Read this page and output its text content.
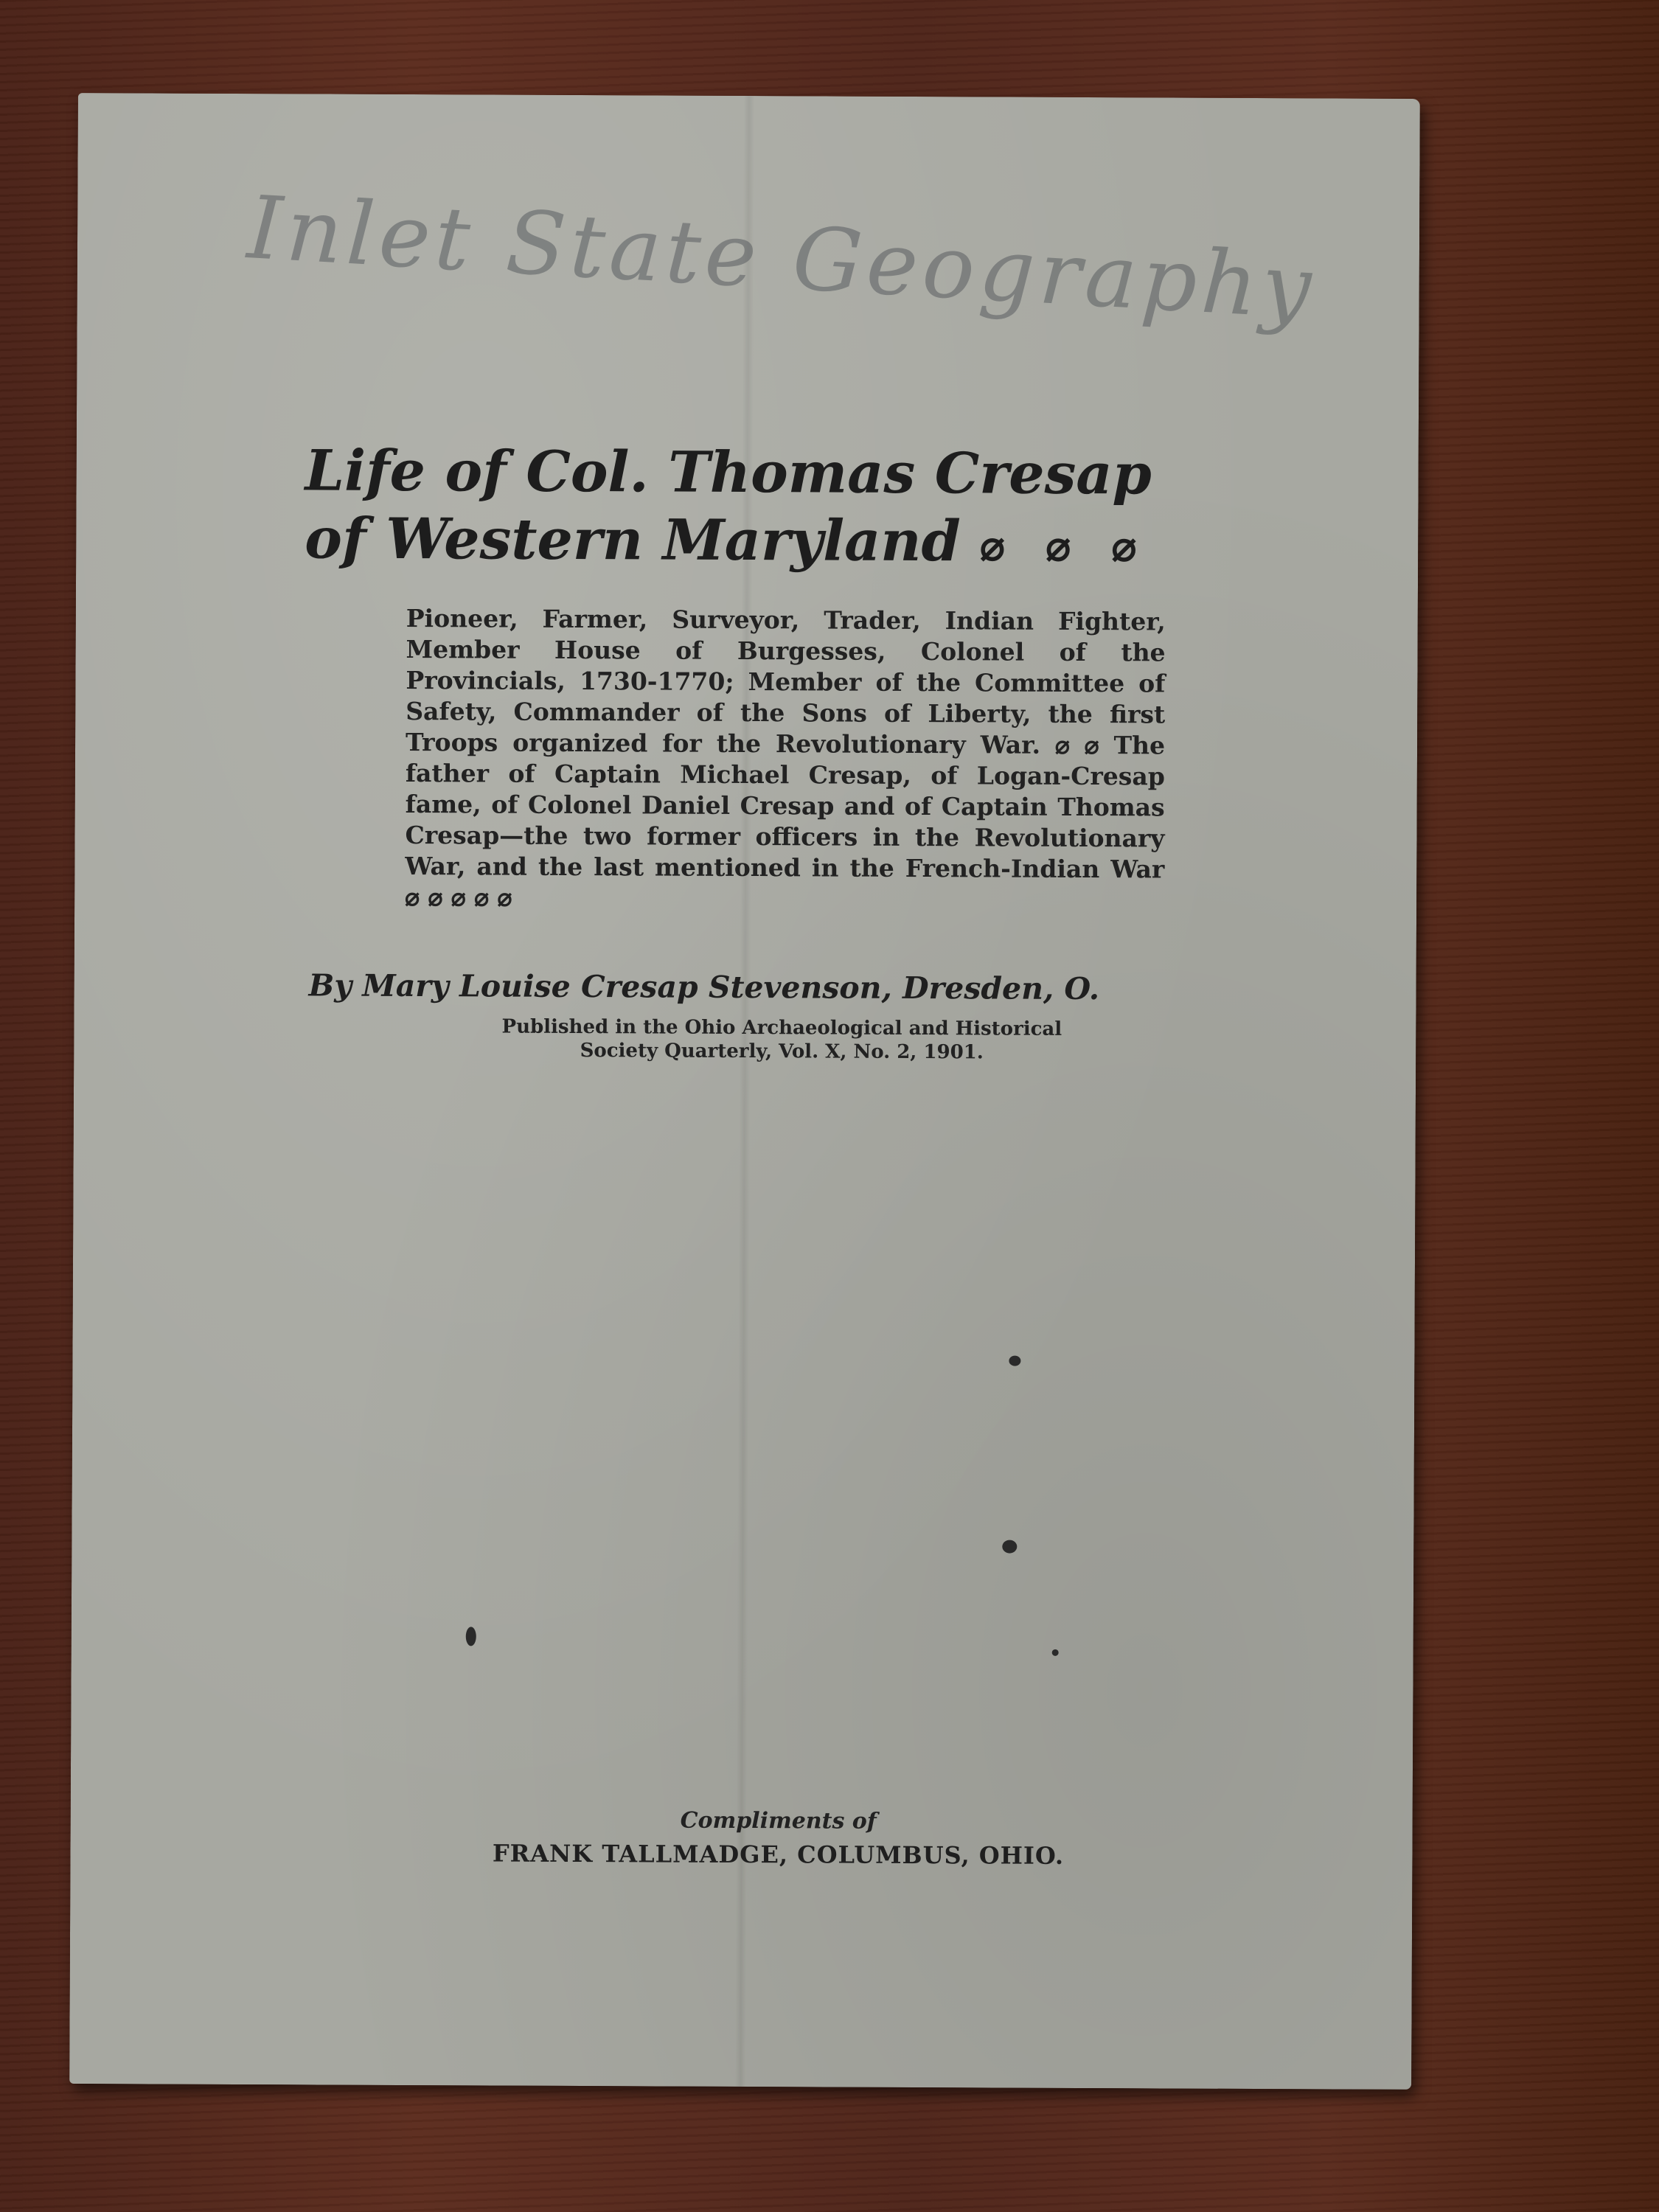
Inlet State Geography
Life of Col. Thomas Cresap
of Western Maryland ⌀ ⌀ ⌀

Pioneer, Farmer, Surveyor, Trader, Indian Fighter, Member House of Burgesses, Colonel of the Provincials, 1730-1770; Member of the Committee of Safety, Commander of the Sons of Liberty, the first Troops organized for the Revolutionary War. ⌀ ⌀ The father of Captain Michael Cresap, of Logan-Cresap fame, of Colonel Daniel Cresap and of Captain Thomas Cresap—the two former officers in the Revolutionary War, and the last mentioned in the French-Indian War ⌀ ⌀ ⌀ ⌀ ⌀

By Mary Louise Cresap Stevenson, Dresden, O.

Published in the Ohio Archaeological and Historical
Society Quarterly, Vol. X, No. 2, 1901.

Compliments of

FRANK TALLMADGE, COLUMBUS, OHIO.
